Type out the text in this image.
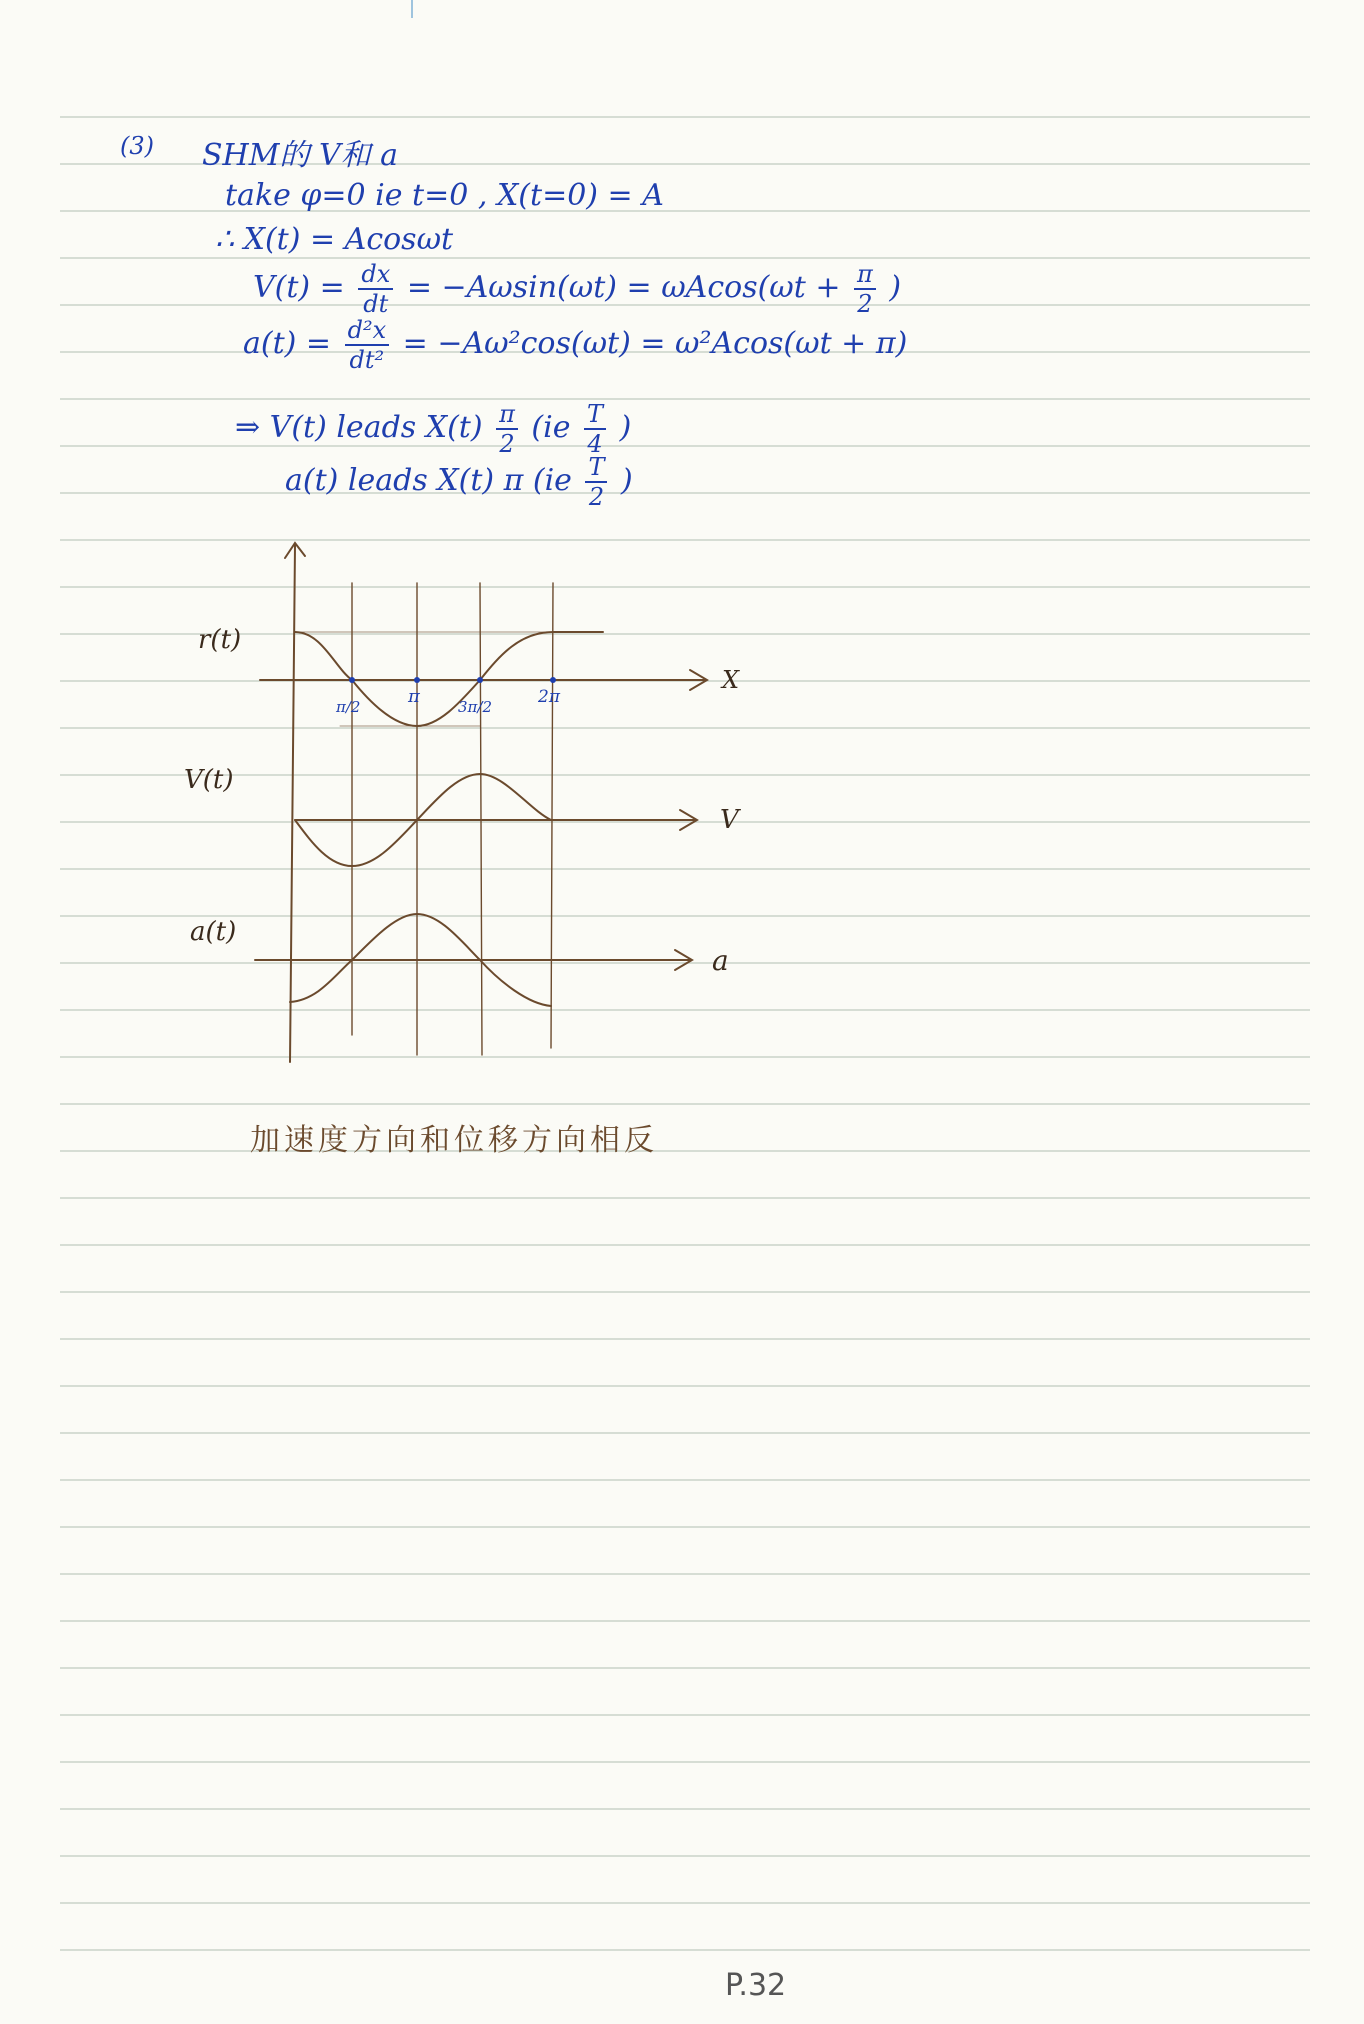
(3) SHM的 V和 a
take φ=0 ie t=0 , X(t=0) = A
∴ X(t) = Acosωt
$V(t) = \frac{dx}{dt} = -A\omega\sin(\omega t) = \omega Acos(\omega t + \frac{\pi}{2}$ )
$a(t) = \frac{\text{d²x}}{\text{dt²}} = -A\omega^2\cos(\omega t) = \omega^2Acos(\omega t + \pi)$
⇒ V(t) leads $X(t) \frac{\pi}{2} (ie \frac{T}{4}$ )
a(t) leads X(t) π ($ie \frac{T}{2}$ )
π/2	π	3π/2	2π
r(t)
V(t)
a(t)
X
V
a
加速度方向和位移方向相反
P.32
